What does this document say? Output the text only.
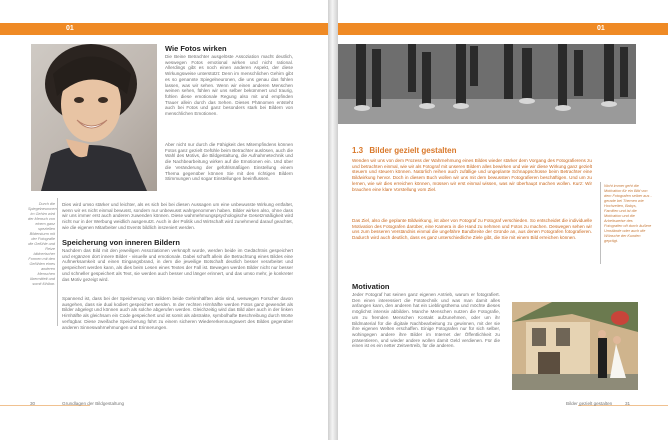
01
Wie Fotos wirken

Die Beine Betrachter ausgelöste Assoziation macht deutlich, weswegen Fotos emotional wirken und nicht rational. Allerdings gibt es noch einen anderen Aspekt, der diese Wirkungsweise unterstützt: Denn im menschlichen Gehirn gibt es so genannte Spiegelneuronen, die uns genau das fühlen lassen, was wir sehen. Wenn wir einen anderen Menschen weinen sehen, fühlen wir uns selber bekümmert und traurig, fühlen diese emotionale Regung also mit und empfinden Trauer allein durch das Sehen. Dieses Phänomen entsteht auch bei Fotos und ganz besonders stark bei Bildern von menschlichen Emotionen.

Aber nicht nur durch die Fähigkeit des Mitempfindens können Fotos ganz gezielt Gefühle beim Betrachter auslösen, auch die Wahl des Motivs, die Bildgestaltung, die Aufnahmetechnik und die Nachbearbeitung wirken auf die Emotionen ein. Und über die Veränderung der gefühlsmäßigen Einstellung einem Thema gegenüber können Sie mit den richtigen Bildern Stimmungen und sogar Einstellungen beeinflussen.

Dies wird umso stärker und leichter, als es sich bei bei diesen Aussagen um eine unbewusste Wirkung entfaltet, wenn wir es nicht einmal bewusst, sondern nur unbewusst wahrgenommen haben. Bilder wirken also, ohne dass wir uns immer erst auch anderen zuwenden können. Diese wahrnehmungspsychologische Gesetzmäßigkeit wird nicht nur in der Werbung weidlich ausgenutzt. Auch in der Politik und Wirtschaft wird zunehmend darauf geachtet, wie die eigenen Mitarbeiter und Events bildlich inszeniert werden.

Durch die Spiegelneuronen im Gehirn wird der Mensch von einem ganz speziellen Bildersturm mit der Fotografie die Gefühle und Reize bildnerischer Formen mit den Gefühlen eines anderen Menschen übermittelt und somit fühlbar.

Speicherung von inneren Bildern

Nachdem das Bild mit den jeweiligen Assoziationen verknüpft wurde, werden beide im Gedächtnis gespeichert und ergänzen dort innere Bilder - visuelle und emotionale. Dabei schafft allein die Betrachtung eines Bildes eine Aufmerksamkeit und einen Eingangsbrand, in dem die jeweilige Botschaft deutlich besser verarbeitet und gespeichert werden kann, als dies beim Lesen eines Textes der Fall ist. Bewegen werden Bilder nicht nur besser und schneller gespeichert als Text, sie werden auch besser und länger erinnert, und das umso mehr, je konkreter das Motiv gezeigt wird.

Spannend ist, dass bei der Speicherung von Bildern beide Gehirnhälften aktiv sind, weswegen Forscher davon ausgehen, dass sie dual kodiert gespeichert werden. In der rechten Hirnhälfte werden Fotos ganz gewendet als Bilder abgelegt und können auch als solche abgerufen werden. Gleichzeitig wird das Bild aber auch in der linken Hirnhälfte als gleichsam ein Code gespeichert und ist somit als abstrakte, symbolhafte Beschreibung durch Worte verfügbar. Diese zweifache Speicherung führt zu einem sicheren Wiedererkennungswert des Bildes gegenüber anderen Sinneswahrnehmungen und Erinnerungen.

30	Grundlagen der Bildgestaltung
01
1.3 Bilder gezielt gestalten

Wenden wir uns von dem Prozess der Wahrnehmung eines Bildes wieder stärker dem Vorgang des Fotografierens zu und betrachten einmal, wie wir als Fotograf mit unseren Bildern alles bewirken und wie wir diese Wirkung ganz gezielt steuern und steuern können. Natürlich reihen auch zufällige und ungeplante Schnappschüsse beim Betrachter eine Bildwirkung hervor. Doch in diesem Buch wollen wir uns mit dem bewussten Fotografieren beschäftigen. Und um zu lernen, wie wir dies erreichen können, müssen wir erst einmal wissen, was wir überhaupt machen wollen. Kurz: Wir brauchen eine klare Vorstellung vom Ziel.

Das Ziel, also die geplante Bildwirkung, ist aber von Fotograf zu Fotograf verschieden. So entscheidet die individuelle Motivation des Fotografen darüber, eine Kamera in die Hand zu nehmen und Fotos zu machen. Deswegen sehen wir uns zum besseren Verständnis einmal die ungefähre Bandbreite der Gründe an, aus denen Fotografen fotografieren. Dadurch wird auch deutlich, dass es ganz unterschiedliche Ziele gibt, die Sie mit einem Bild erreichen können.

Nicht immer geht die Motivation für ein Bild von dem Fotografen selber aus - gerade bei Themen wie Hochzeiten, Babys, Familien und ist die Motivation und die Arbeitsweise des Fotografen oft durch äußere Umstände oder auch die Wünsche der Kunden geprägt.

Motivation

Jeder Fotograf hat seinen ganz eigenen Antrieb, warum er fotografiert. Den einen interessiert die Fototechnik und was man damit alles anfangen kann, den anderen hat ein Lieblingsthema und möchte dieses möglichst intensiv abbilden. Manche Menschen nutzen die Fotografie, um zu fremden Menschen Kontakt aufzunehmen, oder um ihr Bildmaterial für die digitale Nachbearbeitung zu gewinnen, mit der sie ihre eigenen Welten erschaffen. Einige Fotografen nur für sich selber, wohingegen andere ihre Bilder im Internet der Öffentlichkeit zu präsentieren, und wieder andere wollen damit Geld verdienen. Für die einen ist es ein netter Zeitvertreib, für die anderen.

Bilder gezielt gestalten	31
